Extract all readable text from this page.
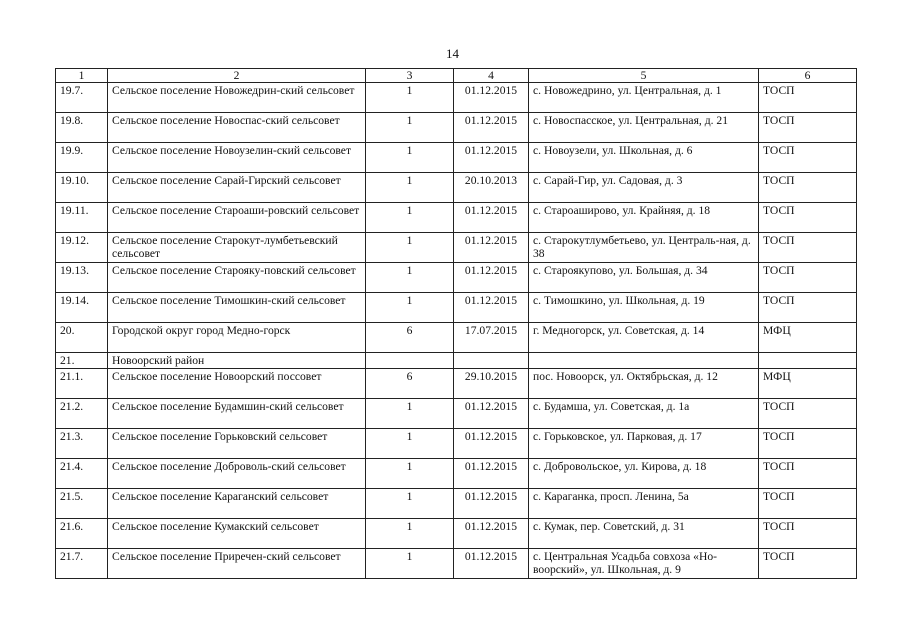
14
1	2	3	4	5	6
19.7.	Сельское поселение Новожедрин-ский сельсовет	1	01.12.2015	с. Новожедрино, ул. Центральная, д. 1	ТОСП
19.8.	Сельское поселение Новоспас-ский сельсовет	1	01.12.2015	с. Новоспасское, ул. Центральная, д. 21	ТОСП
19.9.	Сельское поселение Новоузелин-ский сельсовет	1	01.12.2015	с. Новоузели, ул. Школьная, д. 6	ТОСП
19.10.	Сельское поселение Сарай-Гирский сельсовет	1	20.10.2013	с. Сарай-Гир, ул. Садовая, д. 3	ТОСП
19.11.	Сельское поселение Староаши-ровский сельсовет	1	01.12.2015	с. Староаширово, ул. Крайняя, д. 18	ТОСП
19.12.	Сельское поселение Старокут-лумбетьевский сельсовет	1	01.12.2015	с. Старокутлумбетьево, ул. Централь-ная, д. 38	ТОСП
19.13.	Сельское поселение Старояку-повский сельсовет	1	01.12.2015	с. Староякупово, ул. Большая, д. 34	ТОСП
19.14.	Сельское поселение Тимошкин-ский сельсовет	1	01.12.2015	с. Тимошкино, ул. Школьная, д. 19	ТОСП
20.	Городской округ город Медно-горск	6	17.07.2015	г. Медногорск, ул. Советская, д. 14	МФЦ
21.	Новоорский район				
21.1.	Сельское поселение Новоорский поссовет	6	29.10.2015	пос. Новоорск, ул. Октябрьская, д. 12	МФЦ
21.2.	Сельское поселение Будамшин-ский сельсовет	1	01.12.2015	с. Будамша, ул. Советская, д. 1а	ТОСП
21.3.	Сельское поселение Горьковский сельсовет	1	01.12.2015	с. Горьковское, ул. Парковая, д. 17	ТОСП
21.4.	Сельское поселение Доброволь-ский сельсовет	1	01.12.2015	с. Добровольское, ул. Кирова, д. 18	ТОСП
21.5.	Сельское поселение Караганский сельсовет	1	01.12.2015	с. Караганка, просп. Ленина, 5а	ТОСП
21.6.	Сельское поселение Кумакский сельсовет	1	01.12.2015	с. Кумак, пер. Советский, д. 31	ТОСП
21.7.	Сельское поселение Приречен-ский сельсовет	1	01.12.2015	с. Центральная Усадьба совхоза «Но-воорский», ул. Школьная, д. 9	ТОСП
